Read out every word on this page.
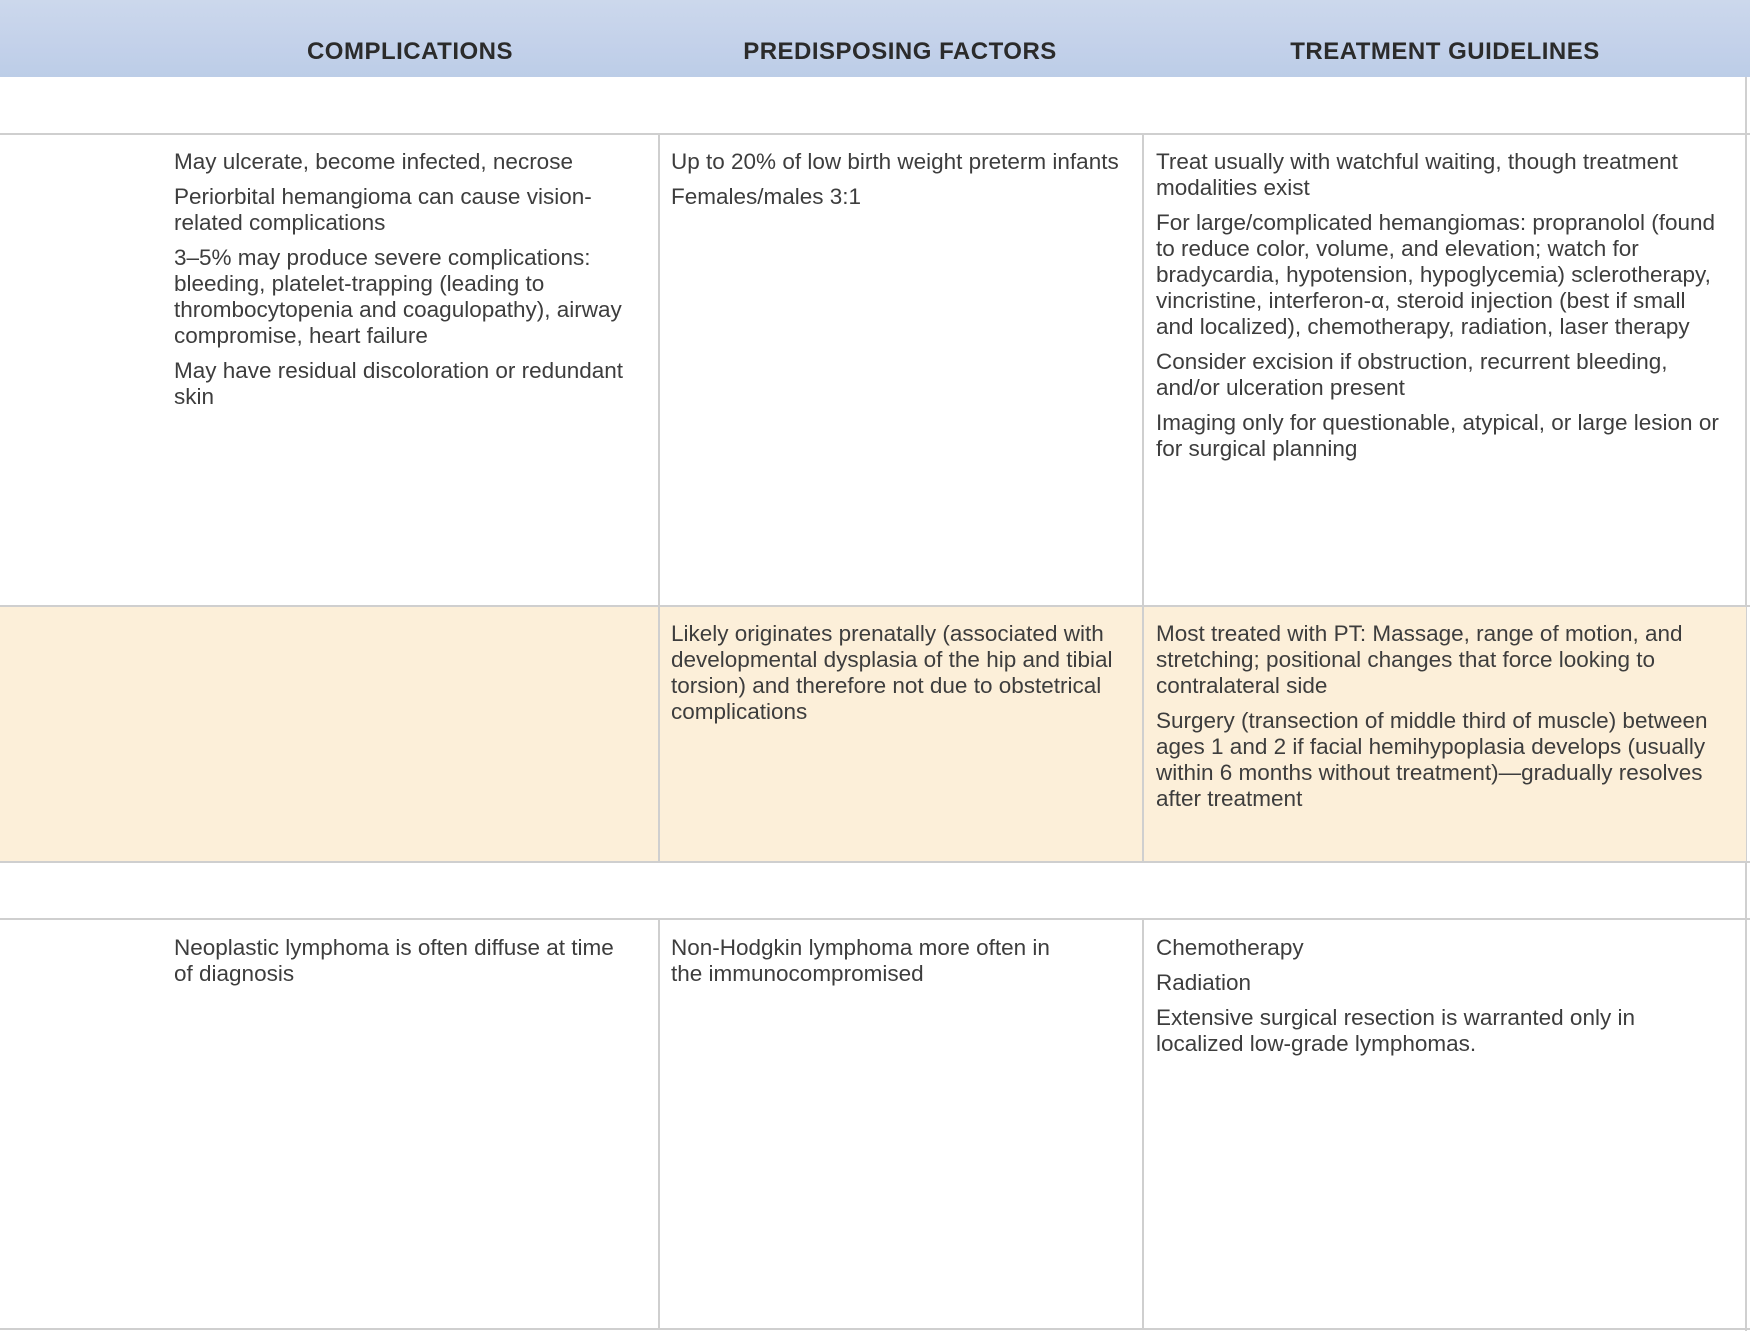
COMPLICATIONS	PREDISPOSING FACTORS	TREATMENT GUIDELINES

May ulcerate, become infected, necrose

Periorbital hemangioma can cause vision-related complications

3–5% may produce severe complications: bleeding, platelet-trapping (leading to thrombocytopenia and coagulopathy), airway compromise, heart failure

May have residual discoloration or redundant skin

Up to 20% of low birth weight preterm infants

Females/males 3:1

Treat usually with watchful waiting, though treatment modalities exist

For large/complicated hemangiomas: propranolol (found to reduce color, volume, and elevation; watch for bradycardia, hypotension, hypoglycemia) sclerotherapy, vincristine, interferon-α, steroid injection (best if small and localized), chemotherapy, radiation, laser therapy

Consider excision if obstruction, recurrent bleeding, and/or ulceration present

Imaging only for questionable, atypical, or large lesion or for surgical planning

Likely originates prenatally (associated with developmental dysplasia of the hip and tibial torsion) and therefore not due to obstetrical complications

Most treated with PT: Massage, range of motion, and stretching; positional changes that force looking to contralateral side

Surgery (transection of middle third of muscle) between ages 1 and 2 if facial hemihypoplasia develops (usually within 6 months without treatment)—gradually resolves after treatment

Neoplastic lymphoma is often diffuse at time of diagnosis

Non-Hodgkin lymphoma more often in the immunocompromised

Chemotherapy

Radiation

Extensive surgical resection is warranted only in localized low-grade lymphomas.
